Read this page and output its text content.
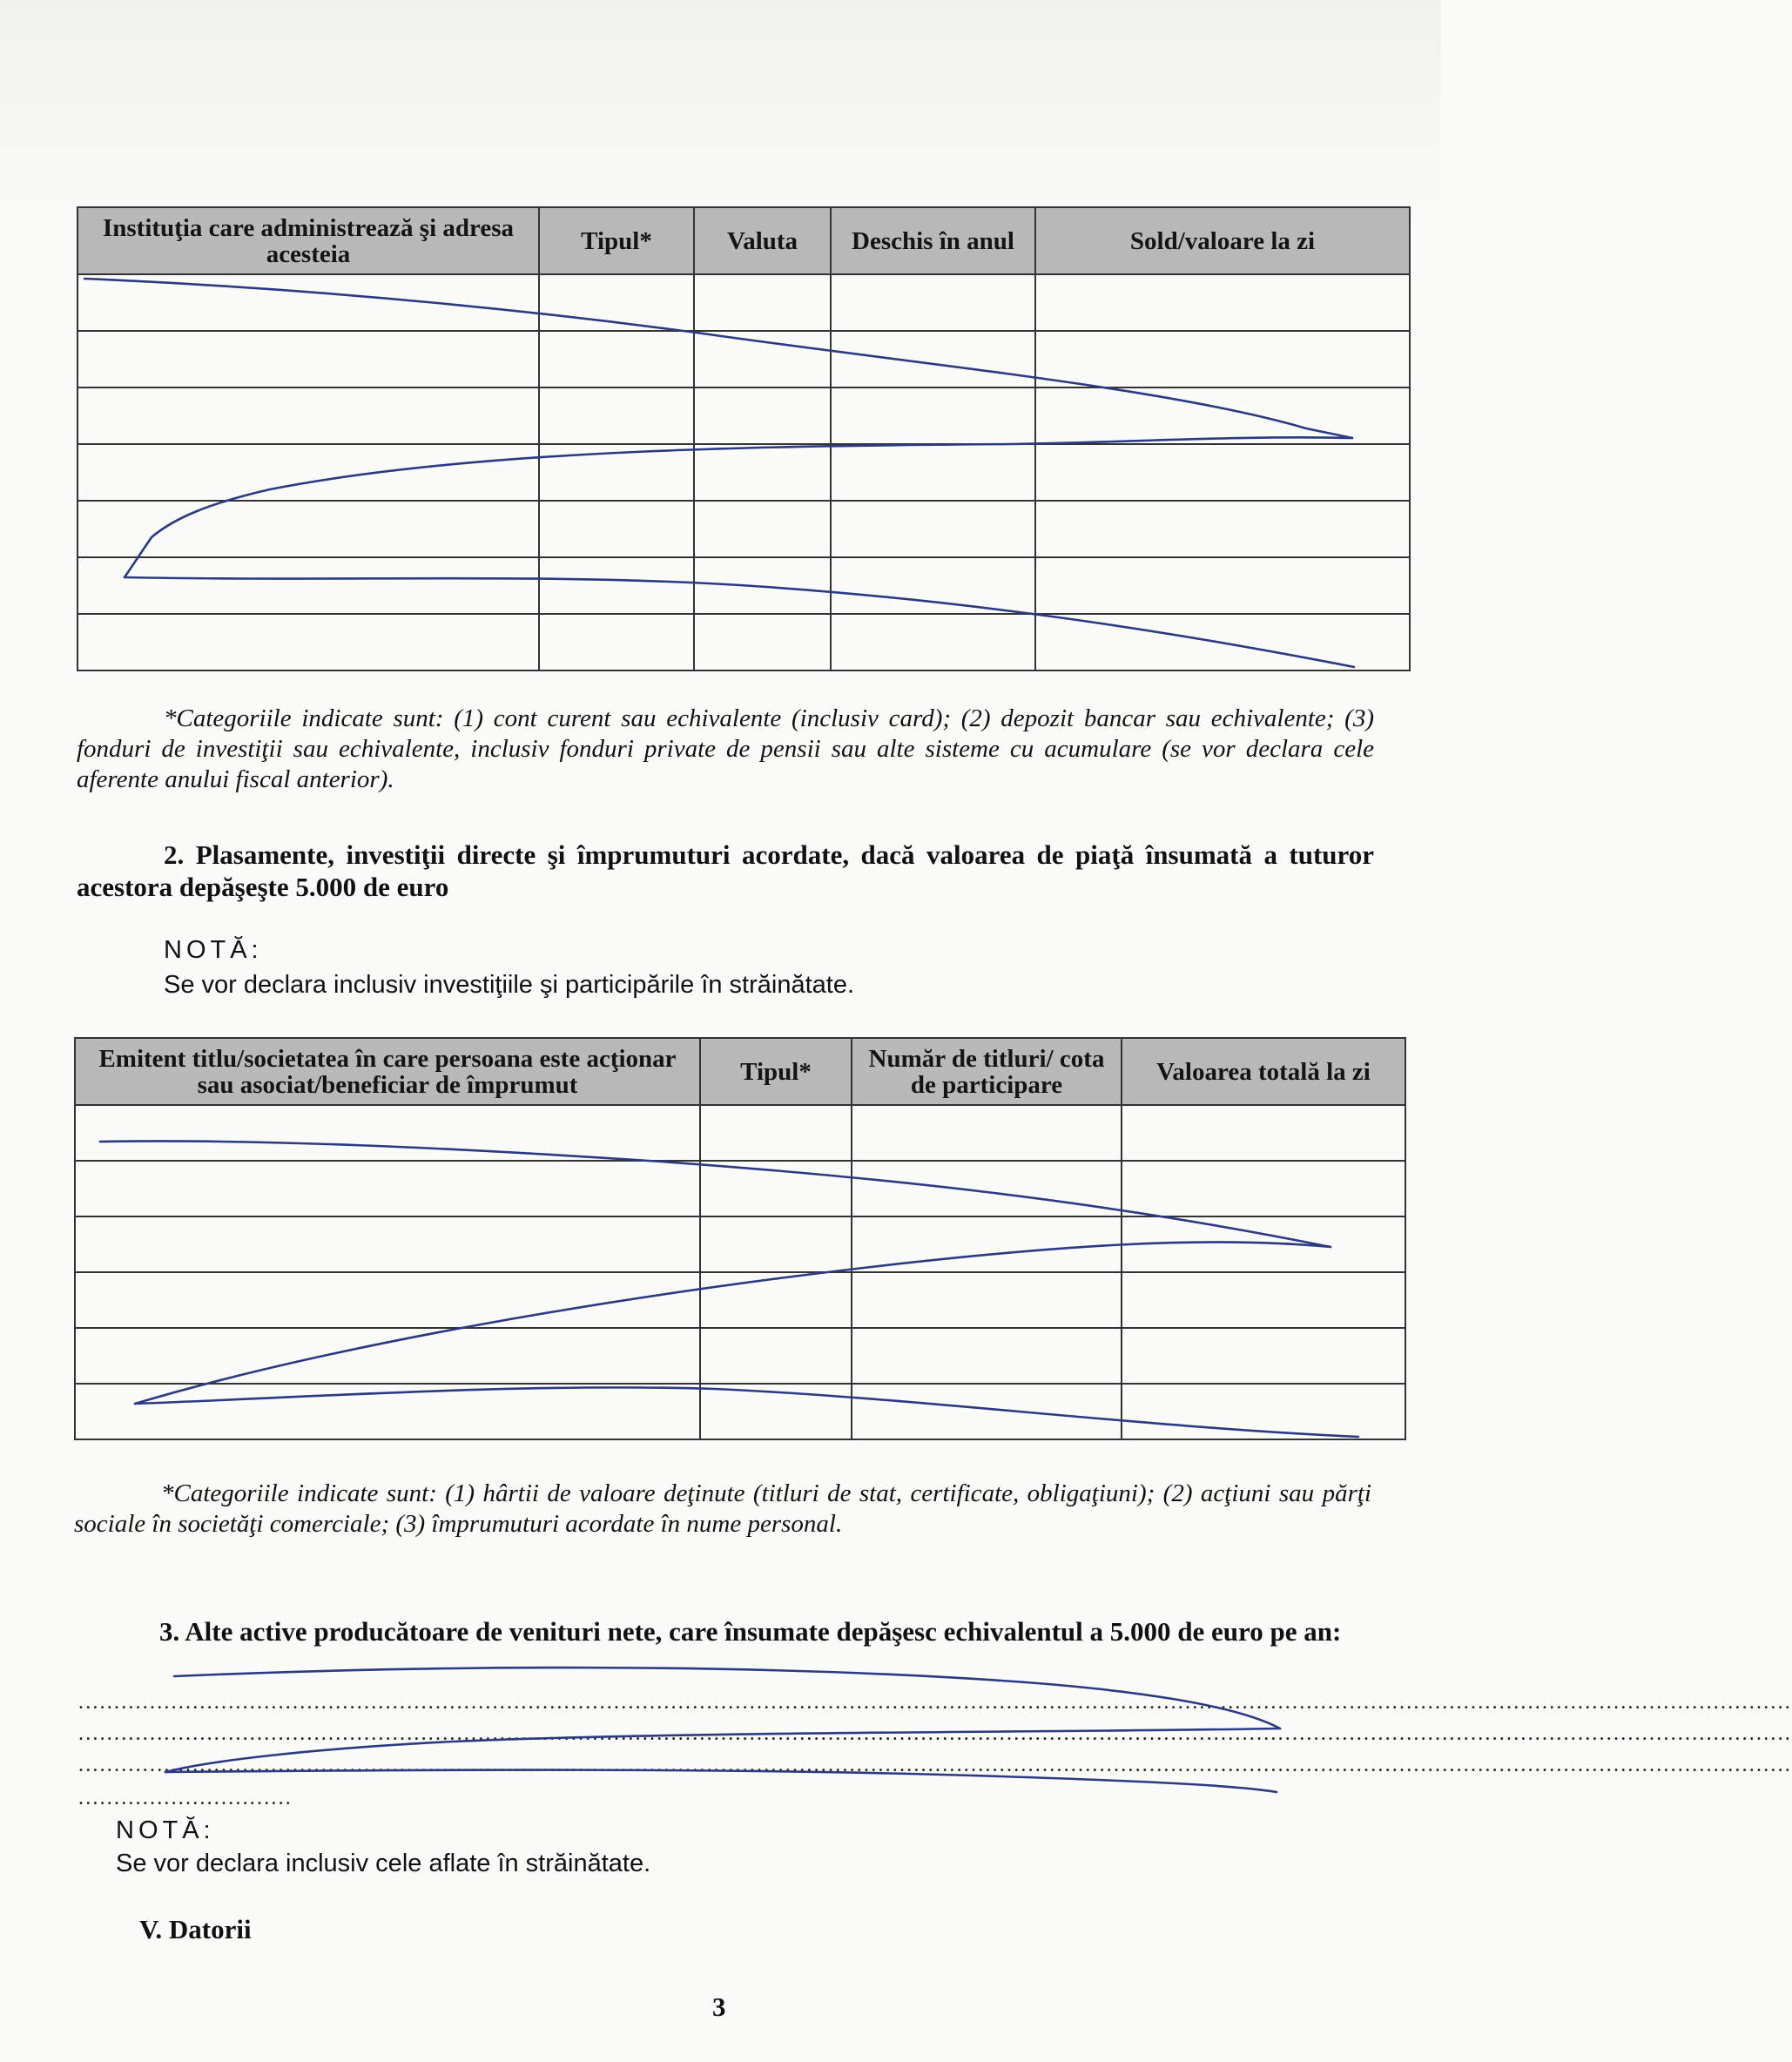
Instituţia care administrează şi adresa acesteia	Tipul*	Valuta	Deschis în anul	Sold/valoare la zi

*Categoriile indicate sunt: (1) cont curent sau echivalente (inclusiv card); (2) depozit bancar sau echivalente; (3) fonduri de investiţii sau echivalente, inclusiv fonduri private de pensii sau alte sisteme cu acumulare (se vor declara cele aferente anului fiscal anterior).

2. Plasamente, investiţii directe şi împrumuturi acordate, dacă valoarea de piaţă însumată a tuturor acestora depăşeşte 5.000 de euro

NOTĂ:

Se vor declara inclusiv investiţiile şi participările în străinătate.

Emitent titlu/societatea în care persoana este acţionar sau asociat/beneficiar de împrumut	Tipul*	Număr de titluri/ cota de participare	Valoarea totală la zi

*Categoriile indicate sunt: (1) hârtii de valoare deţinute (titluri de stat, certificate, obligaţiuni); (2) acţiuni sau părţi sociale în societăţi comerciale; (3) împrumuturi acordate în nume personal.

3. Alte active producătoare de venituri nete, care însumate depăşesc echivalentul a 5.000 de euro pe an:

................................................................................................................................................................................................................................................

................................................................................................................................................................................................................................................

................................................................................................................................................................................................................................................

..............................

NOTĂ:

Se vor declara inclusiv cele aflate în străinătate.

V. Datorii

3
